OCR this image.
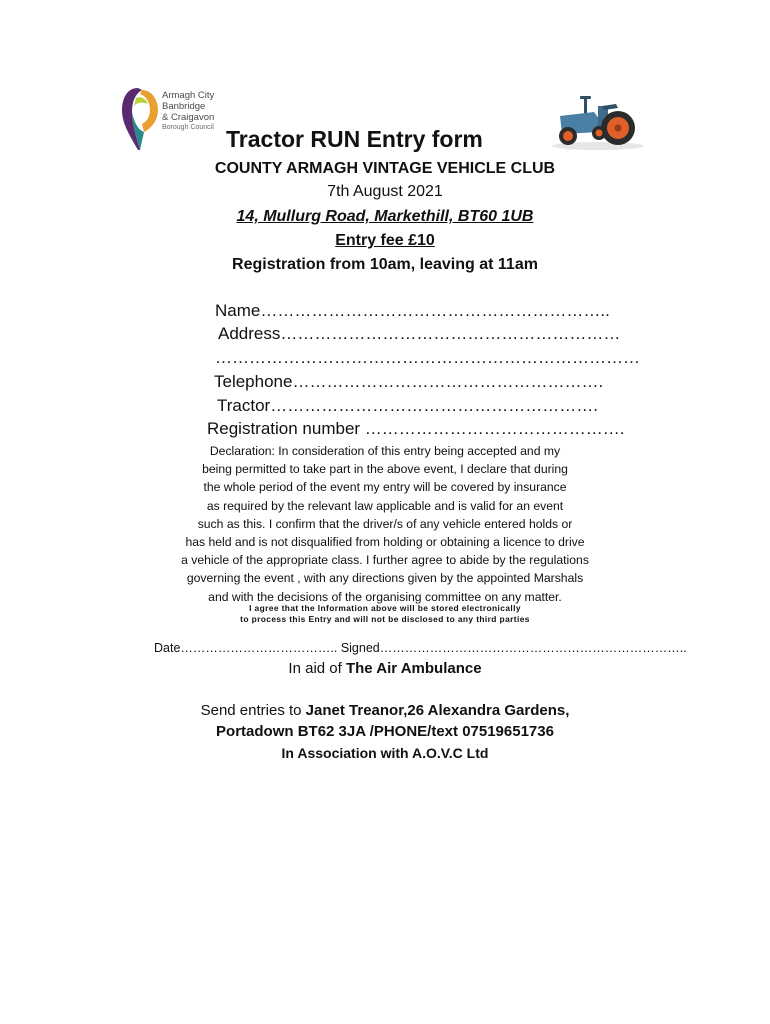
Armagh City
Banbridge
& Craigavon
Borough Council Tractor RUN Entry form
COUNTY ARMAGH VINTAGE VEHICLE CLUB
7th August 2021
14, Mullurg Road, Markethill, BT60 1UB
Entry fee £10
Registration from 10am, leaving at 11am
Name……………………………………………………..
Address……………………………………………………
…………………………………………………………………
Telephone……………………………………………….
Tractor………………………………………………….
Registration number ……………………………………….
Declaration: In consideration of this entry being accepted and my
being permitted to take part in the above event, I declare that during
the whole period of the event my entry will be covered by insurance
as required by the relevant law applicable and is valid for an event
such as this. I confirm that the driver/s of any vehicle entered holds or
has held and is not disqualified from holding or obtaining a licence to drive
a vehicle of the appropriate class. I further agree to abide by the regulations
governing the event , with any directions given by the appointed Marshals
and with the decisions of the organising committee on any matter.
I agree that the Information above will be stored electronically
to process this Entry and will not be disclosed to any third parties
Date……………………………….. Signed………………………………………………………………..
In aid of The Air Ambulance
Send entries to Janet Treanor,26 Alexandra Gardens,
Portadown BT62 3JA /PHONE/text 07519651736
In Association with A.O.V.C Ltd
